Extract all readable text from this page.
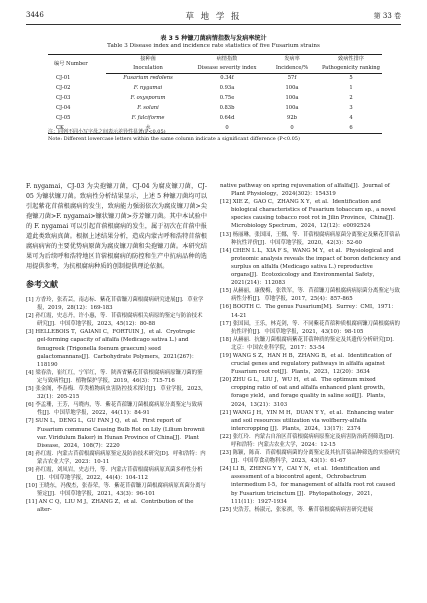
3446	草 地 学 报	第 33 卷
表 3 5 种镰刀菌病情指数与发病率统计
Table 3 Disease index and incidence rate statistics of five Fusarium strains
编号 Number	接种菌	病情指数	发病率	致病性排序
	Inoculation	Disease severity index	Incidence/%	Pathogenicity ranking
CJ-01	Fusarium redolens	0.34f	57f	5
CJ-02	F. nygamai	0.93a	100a	1
CJ-03	F. oxysporum	0.75e	100a	2
CJ-04	F. solani	0.83b	100a	3
CJ-05	F. falciforme	0.64d	92b	4
CK	水	0	0	6
注：同列不同小写字母之间表示差异性显著(P<0.05)
Note: Different lowercase letters within the same column indicate a significant difference (P<0.05)

F. nygamai，CJ-03 为尖孢镰刀菌，CJ-04 为腐皮镰刀菌，CJ-05 为镰状镰刀菌。致病性分析结果显示，上述 5 种镰刀菌均可以引起紫花苜蓿根腐病的发生，致病能力强弱依次为腐皮镰刀菌>尖孢镰刀菌>F. nygamai>镰状镰刀菌>芬芳镰刀菌。其中本试验中的 F. nygamai 可以引起苜蓿根腐病的发生，属于初次在苜蓿中报道此类致病真菌。根据上述结果分析，造成内蒙古呼和浩特苜蓿根腐病病害的主要优势病原菌为腐皮镰刀菌和尖孢镰刀菌。本研究结果可为后续呼和浩特地区苜蓿根腐病的防控和生产中抗病品种的选用提供参考，为抗根腐病种质的创制提供理论依据。

参考文献
[1] 方香玲，张若芸，南志标．紫花苜蓿镰刀菌根腐病研究进展[J]．草业学报，2019，28(12)：169-183
[2] 孙红霞，史志丹，许小惠，等．苜蓿根腐病相关病原的鉴定与防治技术研究[J]．中国草地学报，2023，45(12)：80-88
[3] HELLEBOIS T，GAIANI C，FORTUIN J，et al．Cryotropic gel-forming capacity of alfalfa (Medicago sativa L.) and fenugreek (Trigonella foenum graecum) seed galactomannans[J]．Carbohydrate Polymers，2021(267)：118190
[4] 梁春浩，崔红红，宁军红，等．陕西省紫花苜蓿根腐病病原镰刀菌的鉴定与致病性[J]．植物保护学报，2019，46(3)：715-716
[5] 张金阁，李春梅．草类植物病虫害防控技术探讨[J]．草业学报，2023，32(1)：205-215
[6] 李孟珊，王芳，马晓冉，等．紫花苜蓿镰刀菌根腐病原分离鉴定与致病性[J]．中国草地学报，2022，44(11)：84-91
[7] SUN L，DENG L，GU FAN J Q，et al．First report of Fusarium commune Causing Bulb Rot on Lily (Lilium brownii var. Viridulum Baker) in Hunan Province of China[J]．Plant Disease，2024，108(7)：2220
[8] 孙红霞．内蒙古苜蓿根腐病病原鉴定及防治技术研究[D]．呼和浩特：内蒙古农业大学，2023：10-11
[9] 孙红霞，刘凤岩，史志丹，等．内蒙古苜蓿根腐病病原真菌多样性分析[J]．中国草地学报，2022，44(4)：104-112
[10] 王晓东，冯俊杰，张春荣，等．紫花苜蓿镰刀菌根腐病病原真菌分离与鉴定[J]．中国草地学报，2021，43(3)：96-101
[11] AN C Q，LIU M J，ZHANG Z，et al．Contribution of the alter-
native pathway on spring rejuvenation of alfalfa[J]．Journal of Plant Physiology，2024(302)：154319
[12] XIE Z，GAO C，ZHANG X Y，et al．Identification and biological characteristics of Fusarium tobaccum sp., a novel species causing tobacco root rot in Jilin Province，China[J]．Microbiology Spectrum，2024，12(12)：e0092524
[13] 杨丽琳，张国园，王娜，等．苜蓿根腐病病原菌分离鉴定及紫花苜蓿品种抗性评价[J]．中国草地学报，2020，42(3)：52-60
[14] CHEN L L，XIA F S，WANG M Y，et al．Physiological and proteomic analysis reveals the impact of boron deficiency and surplus on alfalfa (Medicago sativa L.) reproductive organs[J]．Ecotoxicology and Environmental Safety，2021(214)：112083
[15] 从赫丽，康俊梅，张铁军，等．苜蓿镰刀菌根腐病病原菌分离鉴定与致病性分析[J]．草地学报，2017，25(4)：857-865
[16] BOOTH C．The genus Fusarium[M]．Surrey：CMI，1971：14-21
[17] 张国园，王乐，林克剑，等．不同紫花苜蓿种质根腐病镰刀菌根腐病的抗性评价[J]．中国草地学报，2021，43(10)：98-105
[18] 从赫丽．抗镰刀菌根腐病紫花苜蓿种质的鉴定及其遗传分析研究[D]．北京：中国农业科学院，2017：53-54
[19] WANG S Z，HAN H B，ZHANG B，et al．Identification of crucial genes and regulatory pathways in alfalfa against Fusarium root rot[J]．Plants，2023，12(20)：3634
[20] ZHU G L，LIU J，WU H，et al．The optimum mixed cropping ratio of oat and alfalfa enhanced plant growth，forage yield，and forage quality in saline soil[J]．Plants，2024，13(21)：3103
[21] WANG J H，YIN M H，DUAN Y Y，et al．Enhancing water and soil resources utilization via wolfberry-alfalfa intercropping [J]．Plants，2024，13(17)：2374
[22] 张红玲．内蒙古自治区苜蓿根腐病病原鉴定及病害防治药剂筛选[D]．呼和浩特：内蒙古农业大学，2024：12-15
[23] 陈颖，陈苗．苜蓿根腐病菌的分离鉴定及其抗苜蓿品种筛选的实验研究[J]．中国草食动物科学，2023，43(1)：61-67
[24] LI B，ZHENG Y Y，CAI Y N，et al．Identification and assessment of a biocontrol agent，Ochrobactrum intermedium I-5，for management of alfalfa root rot caused by Fusarium tricinctum [J]．Phytopathology，2021，111(11)：1927-1934
[25] 史浩芳，杨淑元，张家祺，等．紫苜蓿根腐病病害研究进展
